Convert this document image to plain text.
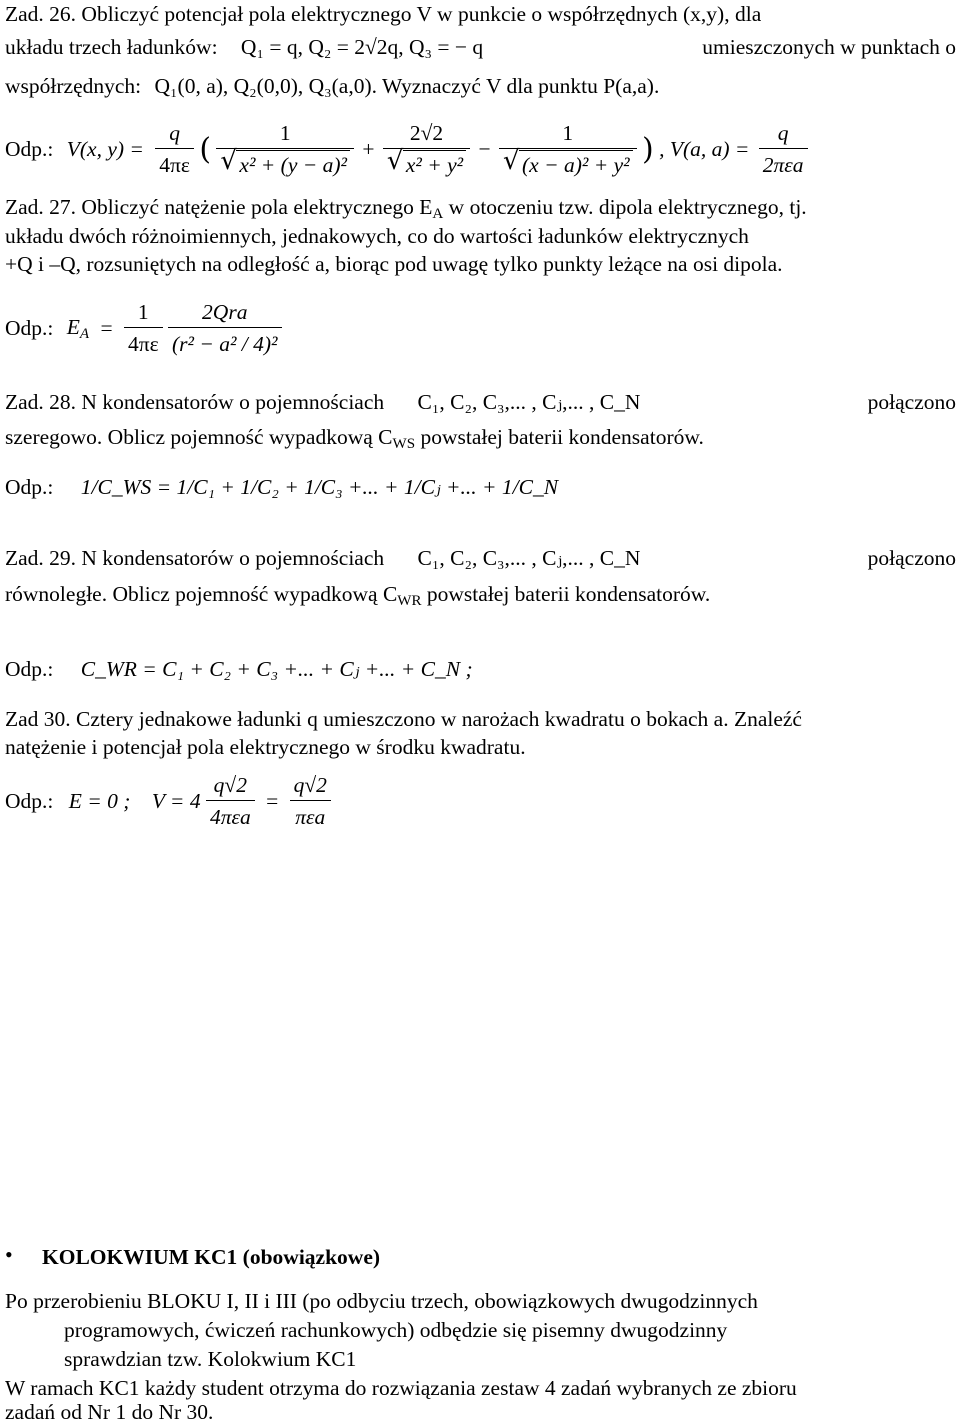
Zad. 26. Obliczyć potencjał pola elektrycznego V w punkcie o współrzędnych (x,y), dla
układu trzech ładunków: Q₁ = q, Q₂ = 2√2q, Q₃ = − q	umieszczonych w punktach o
współrzędnych: Q₁(0, a), Q₂(0,0), Q₃(a,0). Wyznaczyć V dla punktu P(a,a).
Odp.: V(x, $y) = \frac{q}{4\pi\varepsilon}$ ( 1
√ x² + (y − a)² + 2√2
√ x² + y² − 1
√ (x − a)² + y² ) , V(a, $a) = \frac{q}{\text{2πεa}}$
Zad. 27. Obliczyć natężenie pola elektrycznego $E_A$ w otoczeniu tzw. dipola elektrycznego, tj.
układu dwóch różnoimiennych, jednakowych, co do wartości ładunków elektrycznych
+Q i –Q, rozsuniętych na odległość a, biorąc pod uwagę tylko punkty leżące na osi dipola.
Odp.: $E_A = \frac{1}{4\pi\varepsilon}$
$\frac{\text{2Qra}}{\text{(r² − a² / 4)²}}$
Zad. 28. N kondensatorów o pojemnościach C₁, C₂, C₃,... , Cⱼ,... , C_N	połączono
szeregowo. Oblicz pojemność wypadkową $C_{WS}$ powstałej baterii kondensatorów.
Odp.: 1/C_WS = 1/C₁ + 1/C₂ + 1/C₃ +... + 1/Cⱼ +... + 1/C_N
Zad. 29. N kondensatorów o pojemnościach C₁, C₂, C₃,... , Cⱼ,... , C_N	połączono
równoległe. Oblicz pojemność wypadkową $C_{WR}$ powstałej baterii kondensatorów.
Odp.: C_WR = C₁ + C₂ + C₃ +... + Cⱼ +... + C_N ;
Zad 30. Cztery jednakowe ładunki q umieszczono w narożach kwadratu o bokach a. Znaleźć
natężenie i potencjał pola elektrycznego w środku kwadratu.
Odp.: E = 0 ; $V = 4 \frac{q√2}{\text{4πεa}} = \frac{q√2}{\text{πεa}}$
• KOLOKWIUM KC1 (obowiązkowe)
Po przerobieniu BLOKU I, II i III (po odbyciu trzech, obowiązkowych dwugodzinnych
programowych, ćwiczeń rachunkowych) odbędzie się pisemny dwugodzinny
sprawdzian tzw. Kolokwium KC1
W ramach KC1 każdy student otrzyma do rozwiązania zestaw 4 zadań wybranych ze zbioru
zadań od Nr 1 do Nr 30.
